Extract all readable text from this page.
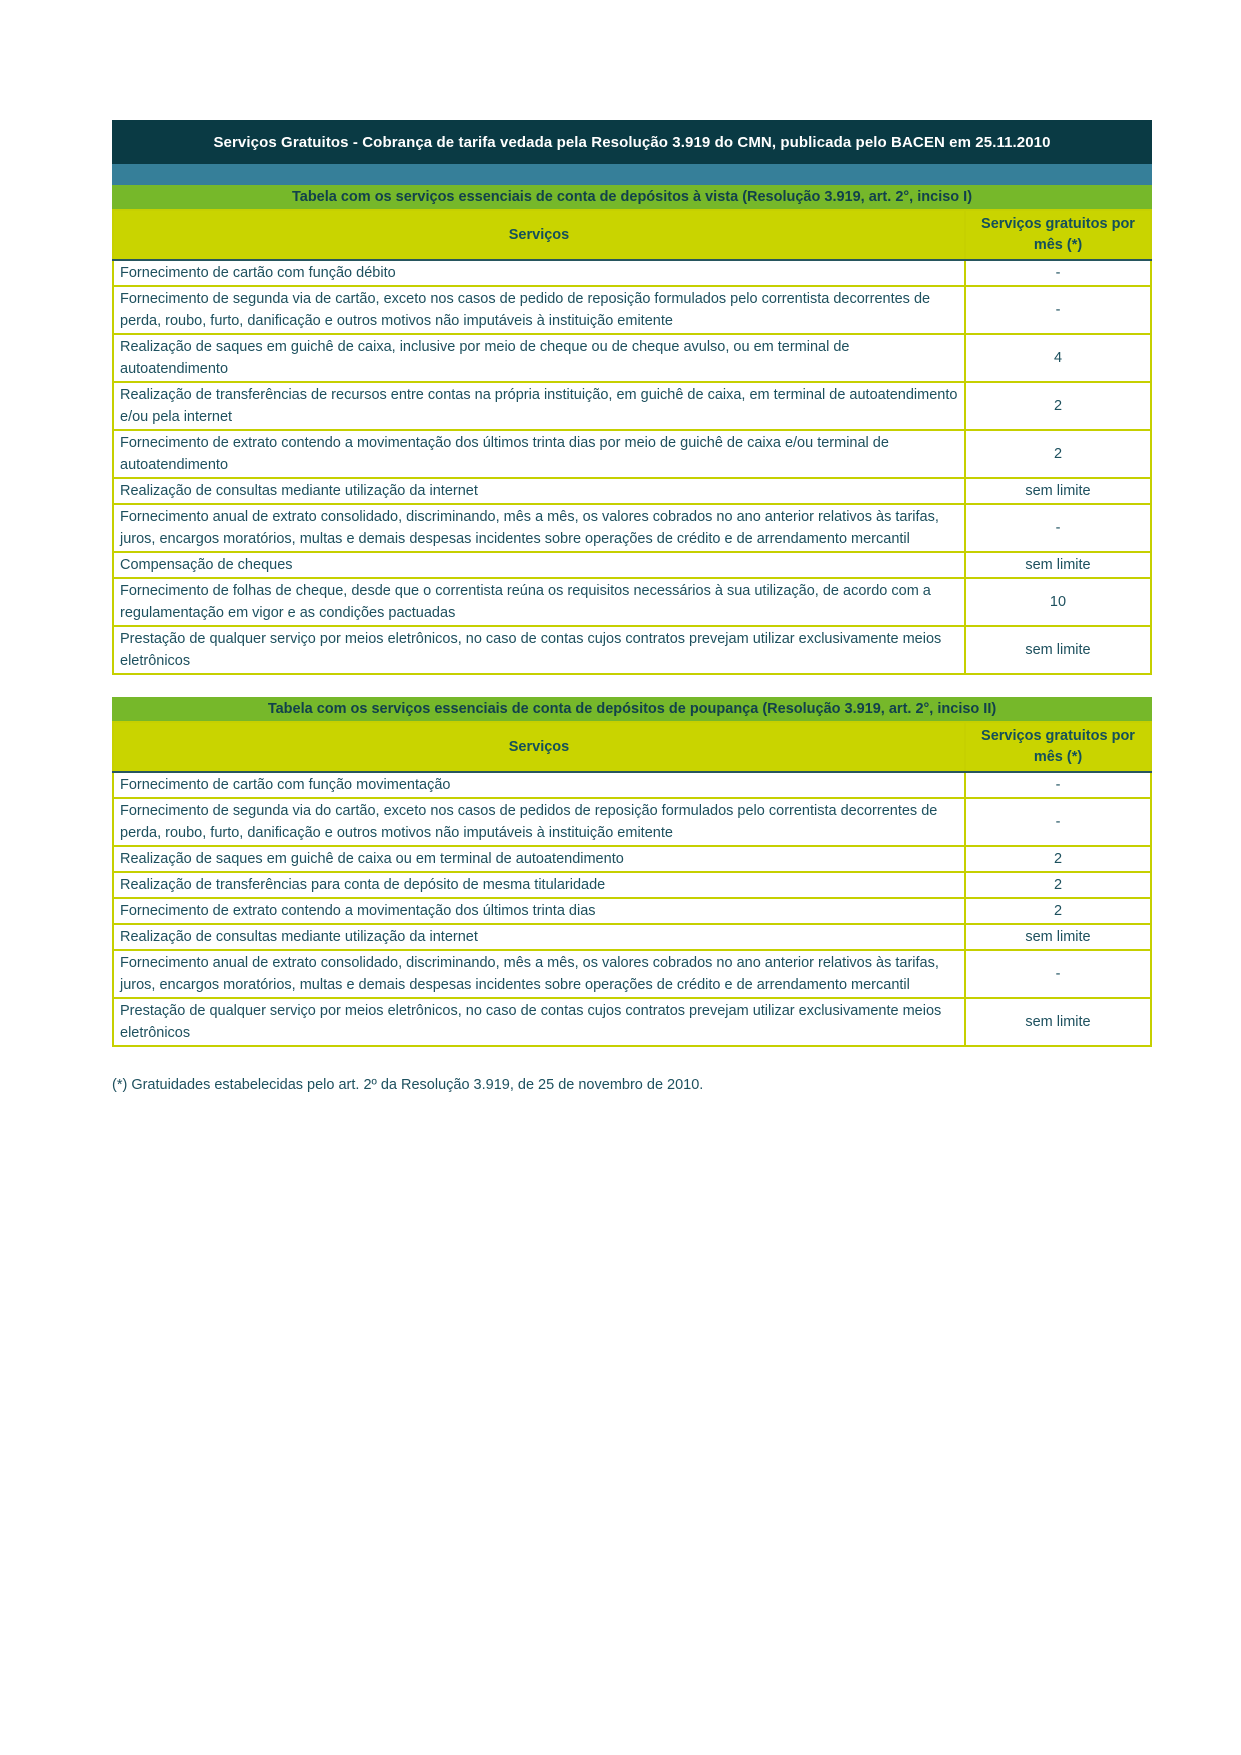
Serviços Gratuitos - Cobrança de tarifa vedada pela Resolução 3.919 do CMN, publicada pelo BACEN em 25.11.2010
Tabela com os serviços essenciais de conta de depósitos à vista (Resolução 3.919, art. 2°, inciso I)
Serviços	Serviços gratuitos por mês (*)
Fornecimento de cartão com função débito	-
Fornecimento de segunda via de cartão, exceto nos casos de pedido de reposição formulados pelo correntista decorrentes de perda, roubo, furto, danificação e outros motivos não imputáveis à instituição emitente	-
Realização de saques em guichê de caixa, inclusive por meio de cheque ou de cheque avulso, ou em terminal de autoatendimento	4
Realização de transferências de recursos entre contas na própria instituição, em guichê de caixa, em terminal de autoatendimento e/ou pela internet	2
Fornecimento de extrato contendo a movimentação dos últimos trinta dias por meio de guichê de caixa e/ou terminal de autoatendimento	2
Realização de consultas mediante utilização da internet	sem limite
Fornecimento anual de extrato consolidado, discriminando, mês a mês, os valores cobrados no ano anterior relativos às tarifas, juros, encargos moratórios, multas e demais despesas incidentes sobre operações de crédito e de arrendamento mercantil	-
Compensação de cheques	sem limite
Fornecimento de folhas de cheque, desde que o correntista reúna os requisitos necessários à sua utilização, de acordo com a regulamentação em vigor e as condições pactuadas	10
Prestação de qualquer serviço por meios eletrônicos, no caso de contas cujos contratos prevejam utilizar exclusivamente meios eletrônicos	sem limite
Tabela com os serviços essenciais de conta de depósitos de poupança (Resolução 3.919, art. 2°, inciso II)
Serviços	Serviços gratuitos por mês (*)
Fornecimento de cartão com função movimentação	-
Fornecimento de segunda via do cartão, exceto nos casos de pedidos de reposição formulados pelo correntista decorrentes de perda, roubo, furto, danificação e outros motivos não imputáveis à instituição emitente	-
Realização de saques em guichê de caixa ou em terminal de autoatendimento	2
Realização de transferências para conta de depósito de mesma titularidade	2
Fornecimento de extrato contendo a movimentação dos últimos trinta dias	2
Realização de consultas mediante utilização da internet	sem limite
Fornecimento anual de extrato consolidado, discriminando, mês a mês, os valores cobrados no ano anterior relativos às tarifas, juros, encargos moratórios, multas e demais despesas incidentes sobre operações de crédito e de arrendamento mercantil	-
Prestação de qualquer serviço por meios eletrônicos, no caso de contas cujos contratos prevejam utilizar exclusivamente meios eletrônicos	sem limite
(*) Gratuidades estabelecidas pelo art. 2º da Resolução 3.919, de 25 de novembro de 2010.
